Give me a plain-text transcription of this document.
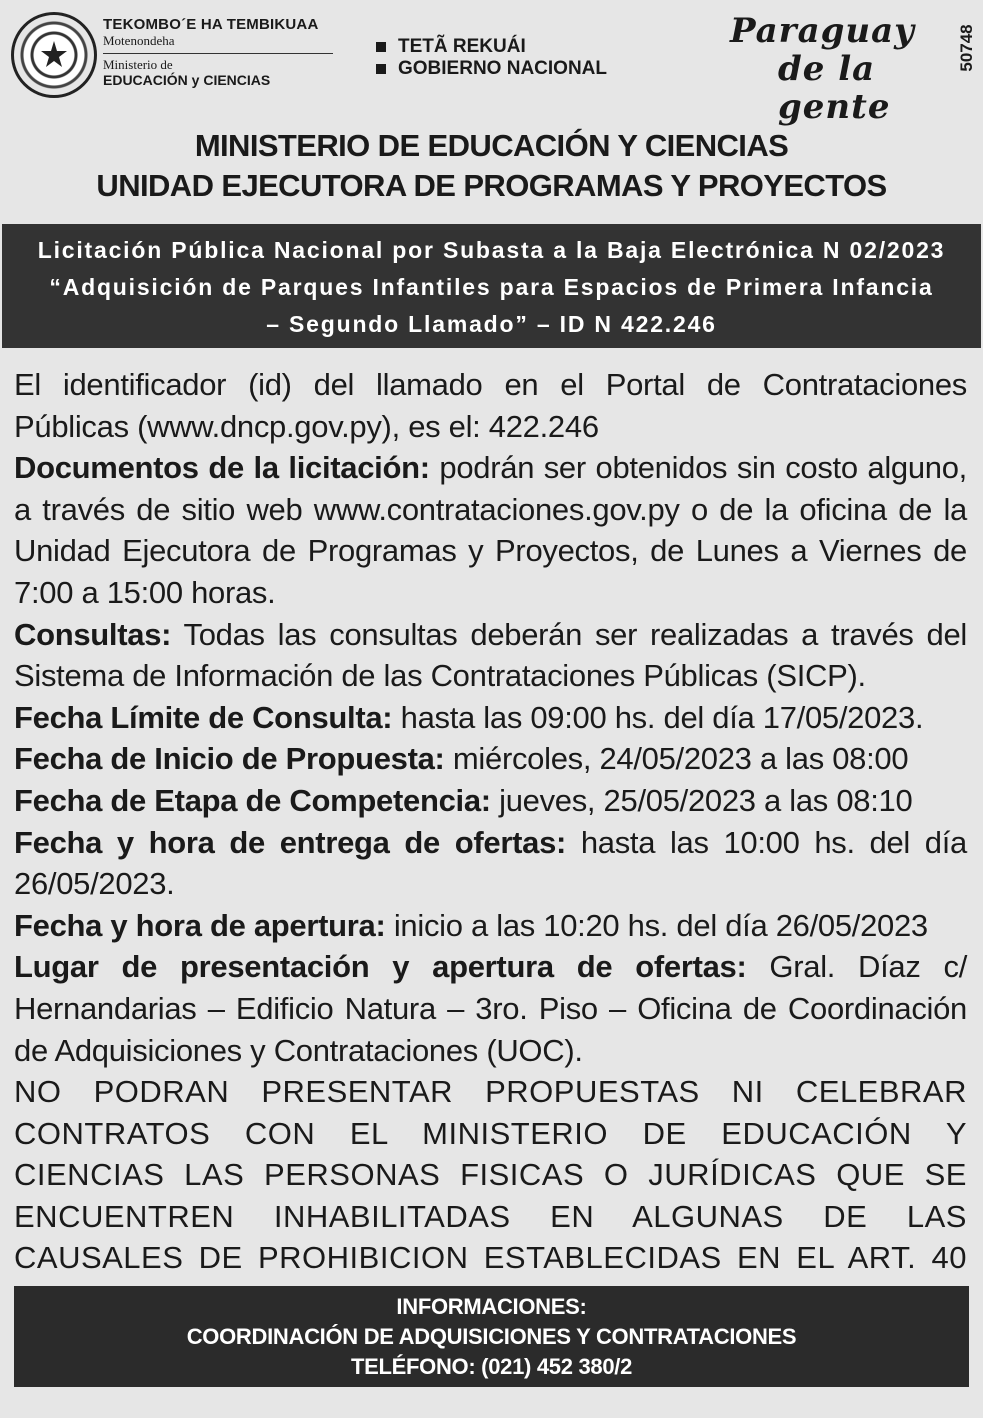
TEKOMBO´E HA TEMBIKUAA
Motenondeha
Ministerio de
EDUCACIÓN y CIENCIAS
TETÃ REKUÁI
GOBIERNO NACIONAL
Paraguay
de la gente
50748
MINISTERIO DE EDUCACIÓN Y CIENCIAS
UNIDAD EJECUTORA DE PROGRAMAS Y PROYECTOS
Licitación Pública Nacional por Subasta a la Baja Electrónica N 02/2023
“Adquisición de Parques Infantiles para Espacios de Primera Infancia
– Segundo Llamado” – ID N 422.246

El identificador (id) del llamado en el Portal de Contrataciones Públicas (www.dncp.gov.py), es el: 422.246

Documentos de la licitación: podrán ser obtenidos sin costo alguno, a través de sitio web www.contrataciones.gov.py o de la oficina de la Unidad Ejecutora de Programas y Proyectos, de Lunes a Viernes de 7:00 a 15:00 horas.

Consultas: Todas las consultas deberán ser realizadas a través del Sistema de Información de las Contrataciones Públicas (SICP).

Fecha Límite de Consulta: hasta las 09:00 hs. del día 17/05/2023.

Fecha de Inicio de Propuesta: miércoles, 24/05/2023 a las 08:00

Fecha de Etapa de Competencia: jueves, 25/05/2023 a las 08:10

Fecha y hora de entrega de ofertas: hasta las 10:00 hs. del día 26/05/2023.

Fecha y hora de apertura: inicio a las 10:20 hs. del día 26/05/2023

Lugar de presentación y apertura de ofertas: Gral. Díaz c/ Hernandarias – Edificio Natura – 3ro. Piso – Oficina de Coordinación de Adquisiciones y Contrataciones (UOC).

NO PODRAN PRESENTAR PROPUESTAS NI CELEBRAR CONTRATOS CON EL MINISTERIO DE EDUCACIÓN Y CIENCIAS LAS PERSONAS FISICAS O JURÍDICAS QUE SE ENCUENTREN INHABILITADAS EN ALGUNAS DE LAS CAUSALES DE PROHIBICION ESTABLECIDAS EN EL ART. 40

INFORMACIONES:
COORDINACIÓN DE ADQUISICIONES Y CONTRATACIONES
TELÉFONO: (021) 452 380/2
